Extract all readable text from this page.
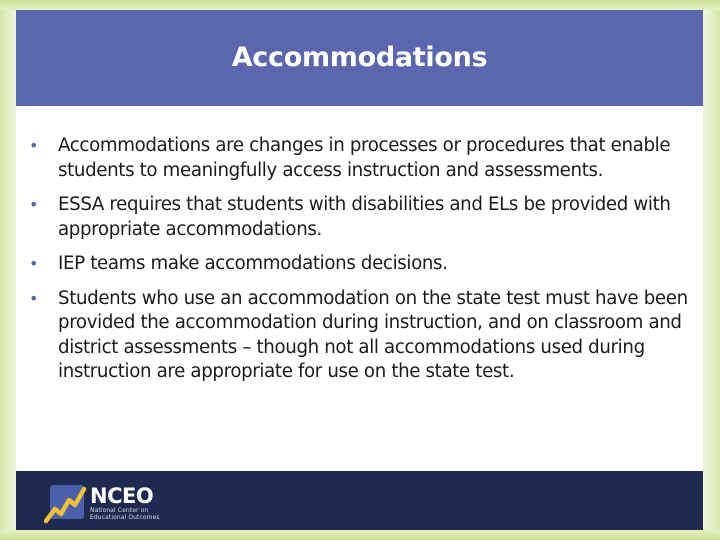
Accommodations
• Accommodations are changes in processes or procedures that enable students to meaningfully access instruction and assessments.
• ESSA requires that students with disabilities and ELs be provided with appropriate accommodations.
• IEP teams make accommodations decisions.
• Students who use an accommodation on the state test must have been provided the accommodation during instruction, and on classroom and district assessments – though not all accommodations used during instruction are appropriate for use on the state test.
NCEO
National Center on
Educational Outcomes
